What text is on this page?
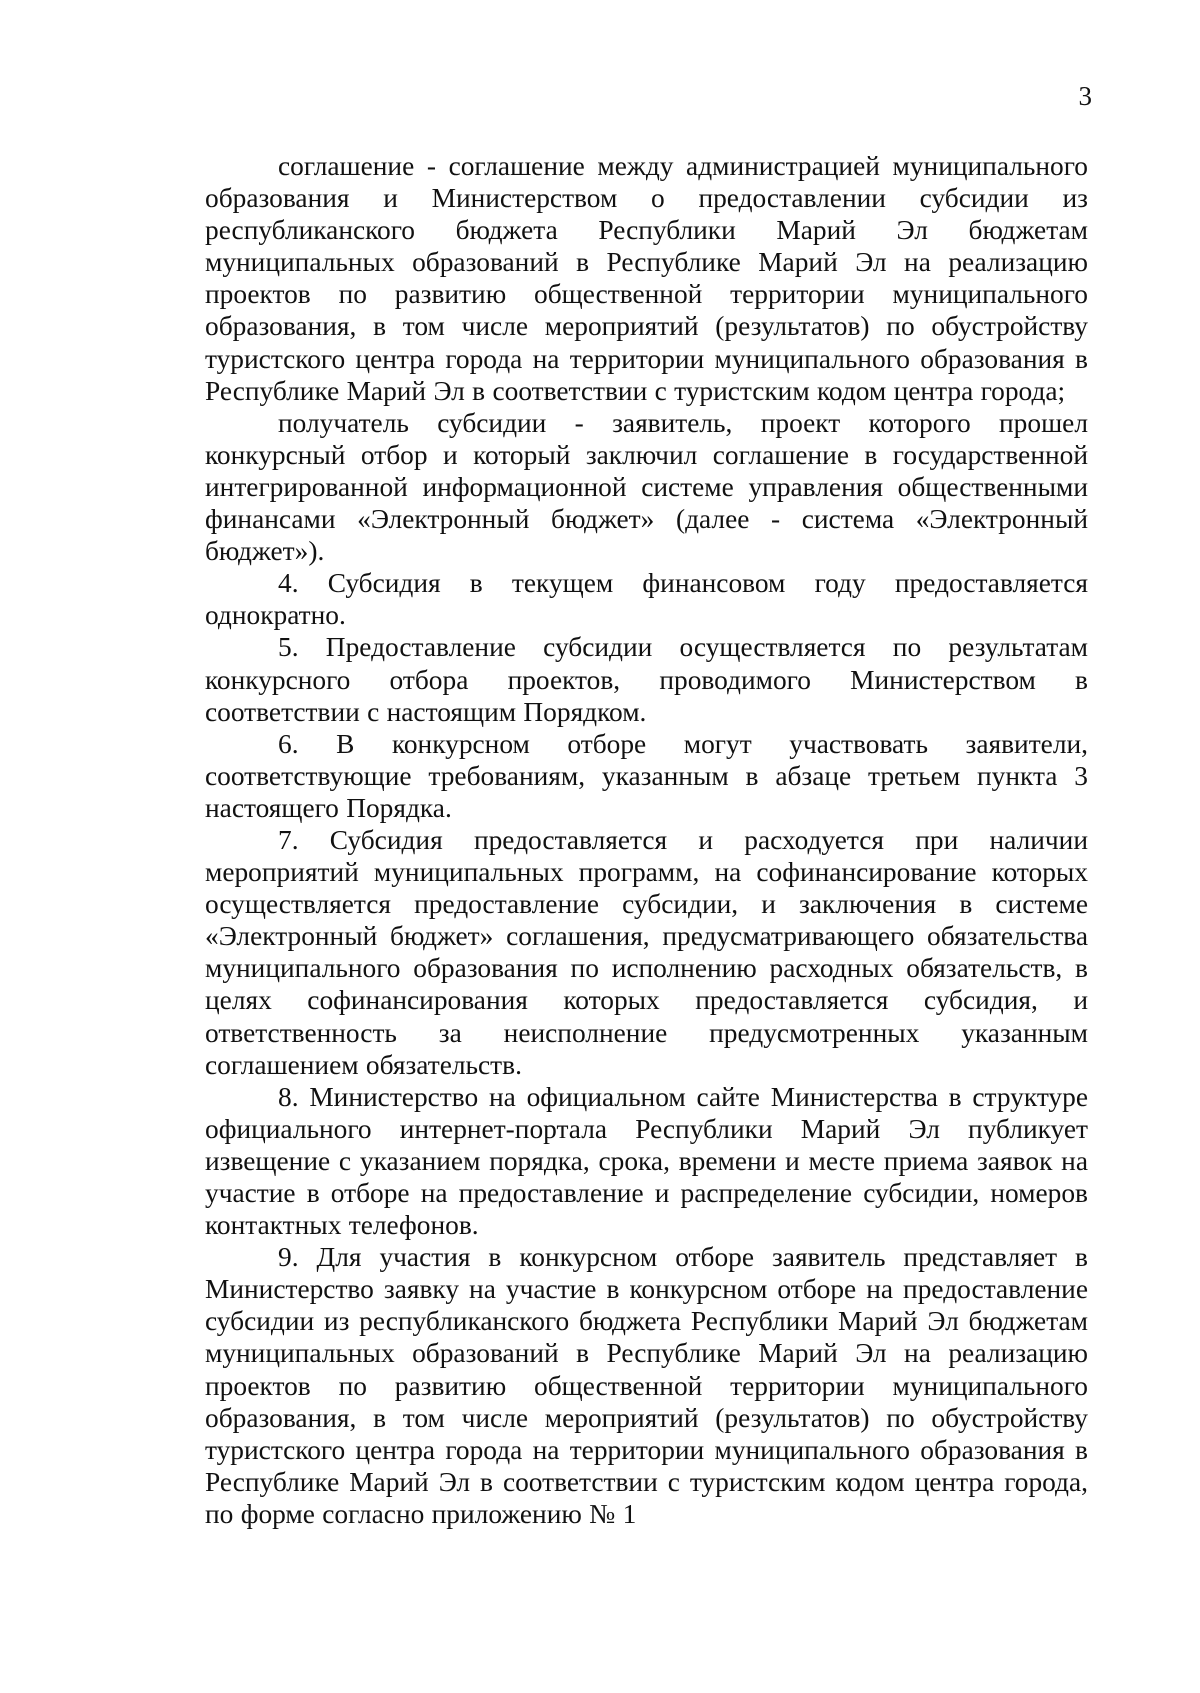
3

соглашение - соглашение между администрацией муниципального образования и Министерством о предоставлении субсидии из республиканского бюджета Республики Марий Эл бюджетам муниципальных образований в Республике Марий Эл на реализацию проектов по развитию общественной территории муниципального образования, в том числе мероприятий (результатов) по обустройству туристского центра города на территории муниципального образования в Республике Марий Эл в соответствии с туристским кодом центра города;

получатель субсидии - заявитель, проект которого прошел конкурсный отбор и который заключил соглашение в государственной интегрированной информационной системе управления общественными финансами «Электронный бюджет» (далее - система «Электронный бюджет»).

4. Субсидия в текущем финансовом году предоставляется однократно.

5. Предоставление субсидии осуществляется по результатам конкурсного отбора проектов, проводимого Министерством в соответствии с настоящим Порядком.

6. В конкурсном отборе могут участвовать заявители, соответствующие требованиям, указанным в абзаце третьем пункта 3 настоящего Порядка.

7. Субсидия предоставляется и расходуется при наличии мероприятий муниципальных программ, на софинансирование которых осуществляется предоставление субсидии, и заключения в системе «Электронный бюджет» соглашения, предусматривающего обязательства муниципального образования по исполнению расходных обязательств, в целях софинансирования которых предоставляется субсидия, и ответственность за неисполнение предусмотренных указанным соглашением обязательств.

8. Министерство на официальном сайте Министерства в структуре официального интернет-портала Республики Марий Эл публикует извещение с указанием порядка, срока, времени и месте приема заявок на участие в отборе на предоставление и распределение субсидии, номеров контактных телефонов.

9. Для участия в конкурсном отборе заявитель представляет в Министерство заявку на участие в конкурсном отборе на предоставление субсидии из республиканского бюджета Республики Марий Эл бюджетам муниципальных образований в Республике Марий Эл на реализацию проектов по развитию общественной территории муниципального образования, в том числе мероприятий (результатов) по обустройству туристского центра города на территории муниципального образования в Республике Марий Эл в соответствии с туристским кодом центра города, по форме согласно приложению № 1
